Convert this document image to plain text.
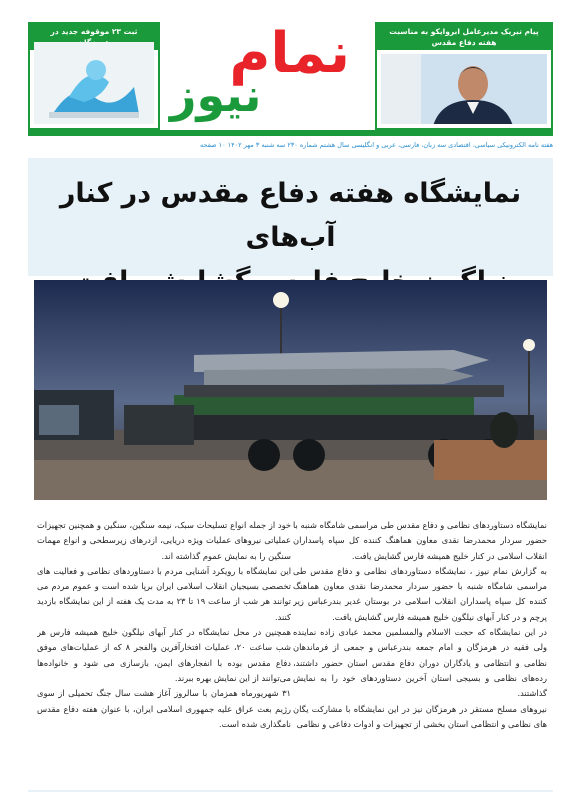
ثبت ۲۳ موقوفه جدید در	نمام
نیوز
پیام تبریک مدیرعامل ابروایکو به مناسبت هفته دفاع مقدس
هفته نامه الکترونیکی سیاسی، اقتصادی سه زبان، فارسی، عربی و انگلیسی سال هشتم شماره ۲۳۰ سه شنبه ۳ مهر ۱۴۰۲ ۱۰ صفحه
نمایشگاه هفته دفاع مقدس در کنار آب‌های

نمایشگاه دستاوردهای نظامی و دفاع مقدس طی مراسمی شامگاه شنبه با حضور سردار محمدرضا نقدی معاون هماهنگ کننده کل سپاه پاسداران انقلاب اسلامی در کنار خلیج همیشه فارس گشایش یافت.

به گزارش نمام نیوز ، نمایشگاه دستاوردهای نظامی و دفاع مقدس طی مراسمی شامگاه شنبه با حضور سردار محمدرضا نقدی معاون هماهنگ کننده کل سپاه پاسداران انقلاب اسلامی در بوستان غدیر بندرعباس زیر پرچم و در کنار آبهای نیلگون خلیج همیشه فارس گشایش یافت.

در این نمایشگاه که حجت الاسلام والمسلمین محمد عبادی زاده نماینده ولی فقیه در هرمزگان و امام جمعه بندرعباس و جمعی از فرماندهان نظامی و انتظامی و یادگاران دوران دفاع مقدس استان حضور داشتند، رده‌های نظامی و بسیجی استان آخرین دستاوردهای خود را به نمایش گذاشتند.

نیروهای مسلح مستقر در هرمزگان نیز در این نمایشگاه با مشارکت یگان های نظامی و انتظامی استان بخشی از تجهیزات و ادوات دفاعی و نظامی

خود از جمله انواع تسلیحات سبک، نیمه سنگین، سنگین و همچنین تجهیزات عملیاتی نیروهای عملیات ویژه دریایی، ازدرهای زیرسطحی و انواع مهمات سنگین را به نمایش عموم گذاشته اند.

این نمایشگاه با رویکرد آشنایی مردم با دستاوردهای نظامی و فعالیت های تخصصی بسیجیان انقلاب اسلامی ایران برپا شده است و عموم مردم می توانند هر شب از ساعت ۱۹ تا ۲۳ به مدت یک هفته از این نمایشگاه بازدید کنند.

همچنین در محل نمایشگاه در کنار آبهای نیلگون خلیج همیشه فارس هر شب ساعت ۲۰، عملیات افتخارآفرین والفجر ۸ که از عملیات‌های موفق دفاع مقدس بوده با انفجارهای ایمن، بازسازی می شود و خانواده‌ها می‌توانند از این نمایش بهره ببرند.

۳۱ شهریورماه همزمان با سالروز آغاز هشت سال جنگ تحمیلی از سوی رژیم بعث عراق علیه جمهوری اسلامی ایران، با عنوان هفته دفاع مقدس نامگذاری شده است.
